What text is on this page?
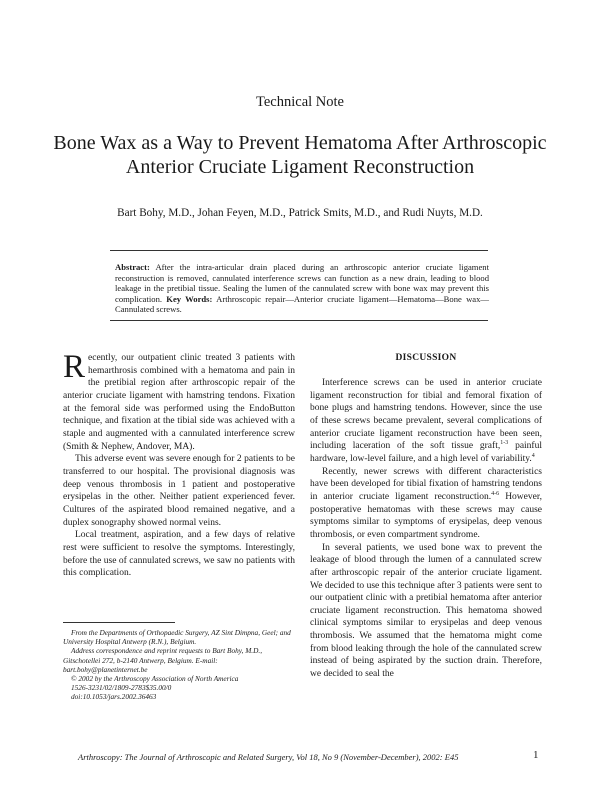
Technical Note
Bone Wax as a Way to Prevent Hematoma After Arthroscopic
Anterior Cruciate Ligament Reconstruction
Bart Bohy, M.D., Johan Feyen, M.D., Patrick Smits, M.D., and Rudi Nuyts, M.D.
Abstract: After the intra-articular drain placed during an arthroscopic anterior cruciate ligament reconstruction is removed, cannulated interference screws can function as a new drain, leading to blood leakage in the pretibial tissue. Sealing the lumen of the cannulated screw with bone wax may prevent this complication. Key Words: Arthroscopic repair—Anterior cruciate ligament—Hematoma—Bone wax—Cannulated screws.

Recently, our outpatient clinic treated 3 patients with hemarthrosis combined with a hematoma and pain in the pretibial region after arthroscopic repair of the anterior cruciate ligament with hamstring tendons. Fixation at the femoral side was performed using the EndoButton technique, and fixation at the tibial side was achieved with a staple and augmented with a cannulated interference screw (Smith & Nephew, Andover, MA).

This adverse event was severe enough for 2 patients to be transferred to our hospital. The provisional diagnosis was deep venous thrombosis in 1 patient and postoperative erysipelas in the other. Neither patient experienced fever. Cultures of the aspirated blood remained negative, and a duplex sonography showed normal veins.

Local treatment, aspiration, and a few days of relative rest were sufficient to resolve the symptoms. Interestingly, before the use of cannulated screws, we saw no patients with this complication.

From the Departments of Orthopaedic Surgery, AZ Sint Dimpna, Geel; and University Hospital Antwerp (R.N.), Belgium.
Address correspondence and reprint requests to Bart Bohy, M.D., Gitschotellei 272, b-2140 Antwerp, Belgium. E-mail: bart.bohy@planetinternet.be
© 2002 by the Arthroscopy Association of North America
1526-3231/02/1809-2783$35.00/0
doi:10.1053/jars.2002.36463
DISCUSSION

Interference screws can be used in anterior cruciate ligament reconstruction for tibial and femoral fixation of bone plugs and hamstring tendons. However, since the use of these screws became prevalent, several complications of anterior cruciate ligament reconstruction have been seen, including laceration of the soft tissue graft,$^{1-3}$ painful hardware, low-level failure, and a high level of variability.$^4$

Recently, newer screws with different characteristics have been developed for tibial fixation of hamstring tendons in anterior cruciate ligament reconstruction.$^{4-6}$ However, postoperative hematomas with these screws may cause symptoms similar to symptoms of erysipelas, deep venous thrombosis, or even compartment syndrome.

In several patients, we used bone wax to prevent the leakage of blood through the lumen of a cannulated screw after arthroscopic repair of the anterior cruciate ligament. We decided to use this technique after 3 patients were sent to our outpatient clinic with a pretibial hematoma after anterior cruciate ligament reconstruction. This hematoma showed clinical symptoms similar to erysipelas and deep venous thrombosis. We assumed that the hematoma might come from blood leaking through the hole of the cannulated screw instead of being aspirated by the suction drain. Therefore, we decided to seal the

Arthroscopy: The Journal of Arthroscopic and Related Surgery, Vol 18, No 9 (November-December), 2002: E45	1
